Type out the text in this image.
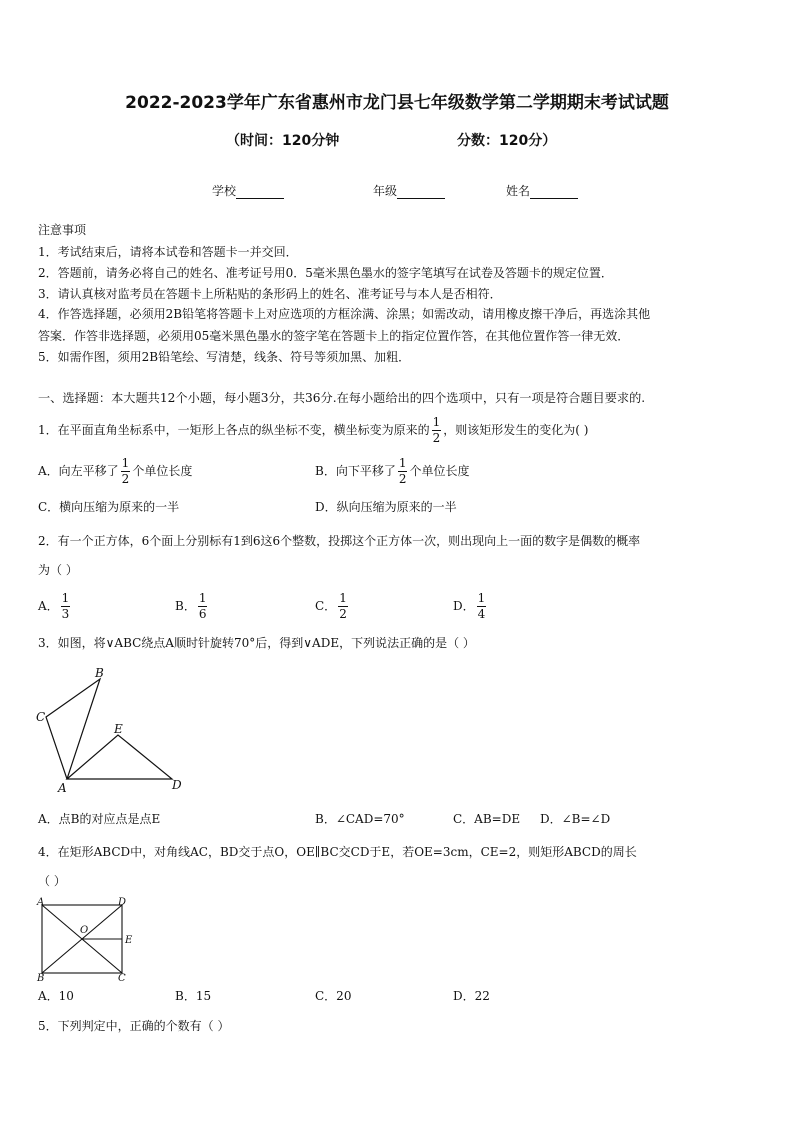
2022-2023学年广东省惠州市龙门县七年级数学第二学期期末考试试题
（时间：120分钟	分数：120分）
学校	年级	姓名
注意事项
1．考试结束后，请将本试卷和答题卡一并交回．
2．答题前，请务必将自己的姓名、准考证号用0．5毫米黑色墨水的签字笔填写在试卷及答题卡的规定位置．
3．请认真核对监考员在答题卡上所粘贴的条形码上的姓名、准考证号与本人是否相符．
4．作答选择题，必须用2B铅笔将答题卡上对应选项的方框涂满、涂黑；如需改动，请用橡皮擦干净后，再选涂其他
答案．作答非选择题，必须用05毫米黑色墨水的签字笔在答题卡上的指定位置作答，在其他位置作答一律无效．
5．如需作图，须用2B铅笔绘、写清楚，线条、符号等须加黑、加粗．
一、选择题：本大题共12个小题，每小题3分，共36分.在每小题给出的四个选项中，只有一项是符合题目要求的.
1．在平面直角坐标系中，一矩形上各点的纵坐标不变，横坐标变为原来的 $\frac{1}{2}$ ，则该矩形发生的变化为( )
A．向左平移了 $\frac{1}{2}$ 个单位长度	B．向下平移了 $\frac{1}{2}$ 个单位长度
C．横向压缩为原来的一半	D．纵向压缩为原来的一半
2．有一个正方体，6个面上分别标有1到6这6个整数，投掷这个正方体一次，则出现向上一面的数字是偶数的概率
为（ ）
A． $\frac{1}{3}$	B． $\frac{1}{6}$	C． $\frac{1}{2}$	D． $\frac{1}{4}$
3．如图，将∨ABC绕点A顺时针旋转70°后，得到∨ADE，下列说法正确的是（ ）
B
C
E
A	D
A．点B的对应点是点E	B．∠CAD=70°	C．AB=DE D．∠B=∠D
4．在矩形ABCD中，对角线AC，BD交于点O，OE∥BC交CD于E，若OE=3cm，CE=2，则矩形ABCD的周长
（ ）
A	D
O
E
B	C
A．10	B．15	C．20	D．22
5．下列判定中，正确的个数有（ ）
